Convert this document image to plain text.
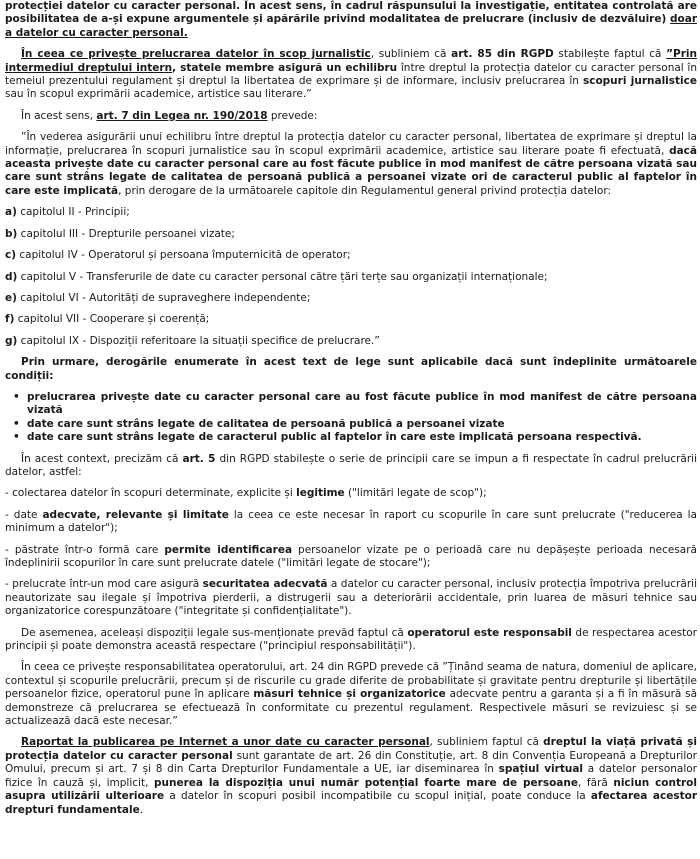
protecției datelor cu caracter personal. În acest sens, în cadrul răspunsului la investigație, entitatea controlată are posibilitatea de a-și expune argumentele și apărările privind modalitatea de prelucrare (inclusiv de dezvăluire) doar a datelor cu caracter personal.

În ceea ce privește prelucrarea datelor în scop jurnalistic, subliniem că art. 85 din RGPD stabilește faptul că ”Prin intermediul dreptului intern, statele membre asigură un echilibru între dreptul la protecția datelor cu caracter personal în temeiul prezentului regulament și dreptul la libertatea de exprimare și de informare, inclusiv prelucrarea în scopuri jurnalistice sau în scopul exprimării academice, artistice sau literare.”

În acest sens, art. 7 din Legea nr. 190/2018 prevede:

”În vederea asigurării unui echilibru între dreptul la protecția datelor cu caracter personal, libertatea de exprimare și dreptul la informație, prelucrarea în scopuri jurnalistice sau în scopul exprimării academice, artistice sau literare poate fi efectuată, dacă aceasta privește date cu caracter personal care au fost făcute publice în mod manifest de către persoana vizată sau care sunt strâns legate de calitatea de persoană publică a persoanei vizate ori de caracterul public al faptelor în care este implicată, prin derogare de la următoarele capitole din Regulamentul general privind protecția datelor:

a) capitolul II - Principii;
b) capitolul III - Drepturile persoanei vizate;
c) capitolul IV - Operatorul și persoana împuternicită de operator;
d) capitolul V - Transferurile de date cu caracter personal către țări terțe sau organizații internaționale;
e) capitolul VI - Autorități de supraveghere independente;
f) capitolul VII - Cooperare și coerență;
g) capitolul IX - Dispoziții referitoare la situații specifice de prelucrare.”

Prin urmare, derogările enumerate în acest text de lege sunt aplicabile dacă sunt îndeplinite următoarele condiții:

• prelucrarea privește date cu caracter personal care au fost făcute publice în mod manifest de către persoana vizată
• date care sunt strâns legate de calitatea de persoană publică a persoanei vizate
• date care sunt strâns legate de caracterul public al faptelor în care este implicată persoana respectivă.

În acest context, precizăm că art. 5 din RGPD stabilește o serie de principii care se impun a fi respectate în cadrul prelucrării datelor, astfel:

- colectarea datelor în scopuri determinate, explicite și legitime ("limitări legate de scop");

- date adecvate, relevante și limitate la ceea ce este necesar în raport cu scopurile în care sunt prelucrate ("reducerea la minimum a datelor");

- păstrate într-o formă care permite identificarea persoanelor vizate pe o perioadă care nu depășește perioada necesară îndeplinirii scopurilor în care sunt prelucrate datele ("limitări legate de stocare");

- prelucrate într-un mod care asigură securitatea adecvată a datelor cu caracter personal, inclusiv protecția împotriva prelucrării neautorizate sau ilegale și împotriva pierderii, a distrugerii sau a deteriorării accidentale, prin luarea de măsuri tehnice sau organizatorice corespunzătoare ("integritate și confidențialitate").

De asemenea, aceleași dispoziții legale sus-menționate prevăd faptul că operatorul este responsabil de respectarea acestor principii și poate demonstra această respectare ("principiul responsabilității").

În ceea ce privește responsabilitatea operatorului, art. 24 din RGPD prevede că ”Ținând seama de natura, domeniul de aplicare, contextul și scopurile prelucrării, precum și de riscurile cu grade diferite de probabilitate și gravitate pentru drepturile și libertățile persoanelor fizice, operatorul pune în aplicare măsuri tehnice și organizatorice adecvate pentru a garanta și a fi în măsură să demonstreze că prelucrarea se efectuează în conformitate cu prezentul regulament. Respectivele măsuri se revizuiesc și se actualizează dacă este necesar.”

Raportat la publicarea pe Internet a unor date cu caracter personal, subliniem faptul că dreptul la viață privată și protecția datelor cu caracter personal sunt garantate de art. 26 din Constituție, art. 8 din Convenția Europeană a Drepturilor Omului, precum și art. 7 și 8 din Carta Drepturilor Fundamentale a UE, iar diseminarea în spațiul virtual a datelor personalor fizice în cauză și, implicit, punerea la dispoziția unui număr potențial foarte mare de persoane, fără niciun control asupra utilizării ulterioare a datelor în scopuri posibil incompatibile cu scopul inițial, poate conduce la afectarea acestor drepturi fundamentale.
